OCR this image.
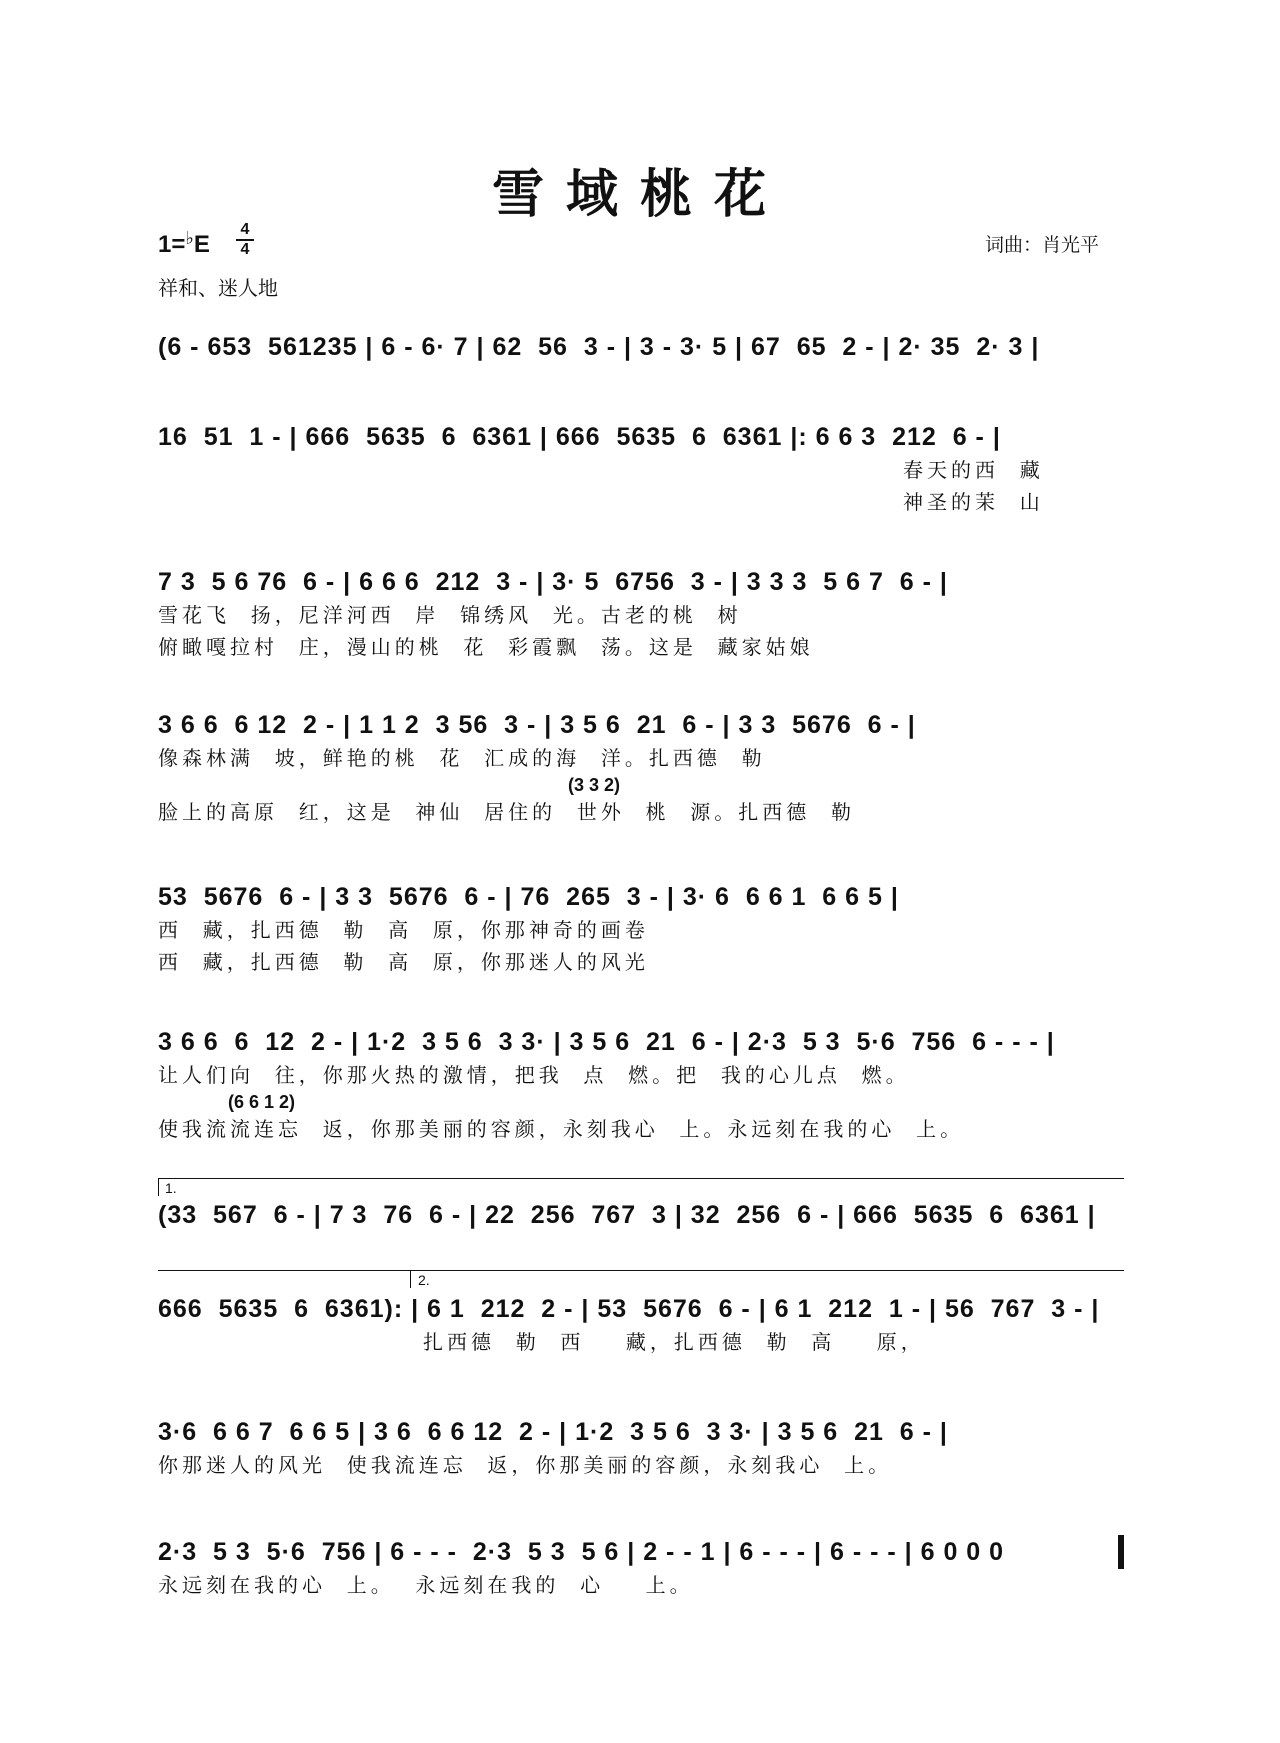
雪域桃花
1=♭E
4
4
祥和、迷人地
词曲：肖光平
(6 - 653  561235 | 6 - 6· 7 | 62  56  3 - | 3 - 3· 5 | 67  65  2 - | 2· 35  2· 3 |
16  51  1 - | 666  5635  6  6361 | 666  5635  6  6361 |: 6 6 3  212  6 - |
春天的西  藏
神圣的茉  山
7 3  5 6 76  6 - | 6 6 6  212  3 - | 3· 5  6756  3 - | 3 3 3  5 6 7  6 - |
雪花飞  扬，尼洋河西  岸  锦绣风  光。古老的桃  树
俯瞰嘎拉村  庄，漫山的桃  花  彩霞飘  荡。这是  藏家姑娘
3 6 6  6 12  2 - | 1 1 2  3 56  3 - | 3 5 6  21  6 - | 3 3  5676  6 - |
像森林满  坡，鲜艳的桃  花  汇成的海  洋。扎西德  勒
(3 3 2)
脸上的高原  红，这是  神仙  居住的  世外  桃  源。扎西德  勒
53  5676  6 - | 3 3  5676  6 - | 76  265  3 - | 3· 6  6 6 1  6 6 5 |
西  藏，扎西德  勒  高  原，你那神奇的画卷
西  藏，扎西德  勒  高  原，你那迷人的风光
3 6 6  6  12  2 - | 1·2  3 5 6  3 3· | 3 5 6  21  6 - | 2·3  5 3  5·6  756  6 - - - |
让人们向  往，你那火热的激情，把我  点  燃。把  我的心儿点  燃。
(6 6 1 2)
使我流流连忘  返，你那美丽的容颜，永刻我心  上。永远刻在我的心  上。
1.
(33  567  6 - | 7 3  76  6 - | 22  256  767  3 | 32  256  6 - | 666  5635  6  6361 |
2.
666  5635  6  6361): | 6 1  212  2 - | 53  5676  6 - | 6 1  212  1 - | 56  767  3 - |
扎西德  勒  西    藏，扎西德  勒  高    原，
3·6  6 6 7  6 6 5 | 3 6  6 6 12  2 - | 1·2  3 5 6  3 3· | 3 5 6  21  6 - |
你那迷人的风光  使我流连忘  返，你那美丽的容颜，永刻我心  上。
2·3  5 3  5·6  756 | 6 - - -  2·3  5 3  5 6 | 2 - - 1 | 6 - - - | 6 - - - | 6 0 0 0
永远刻在我的心  上。  永远刻在我的  心    上。
